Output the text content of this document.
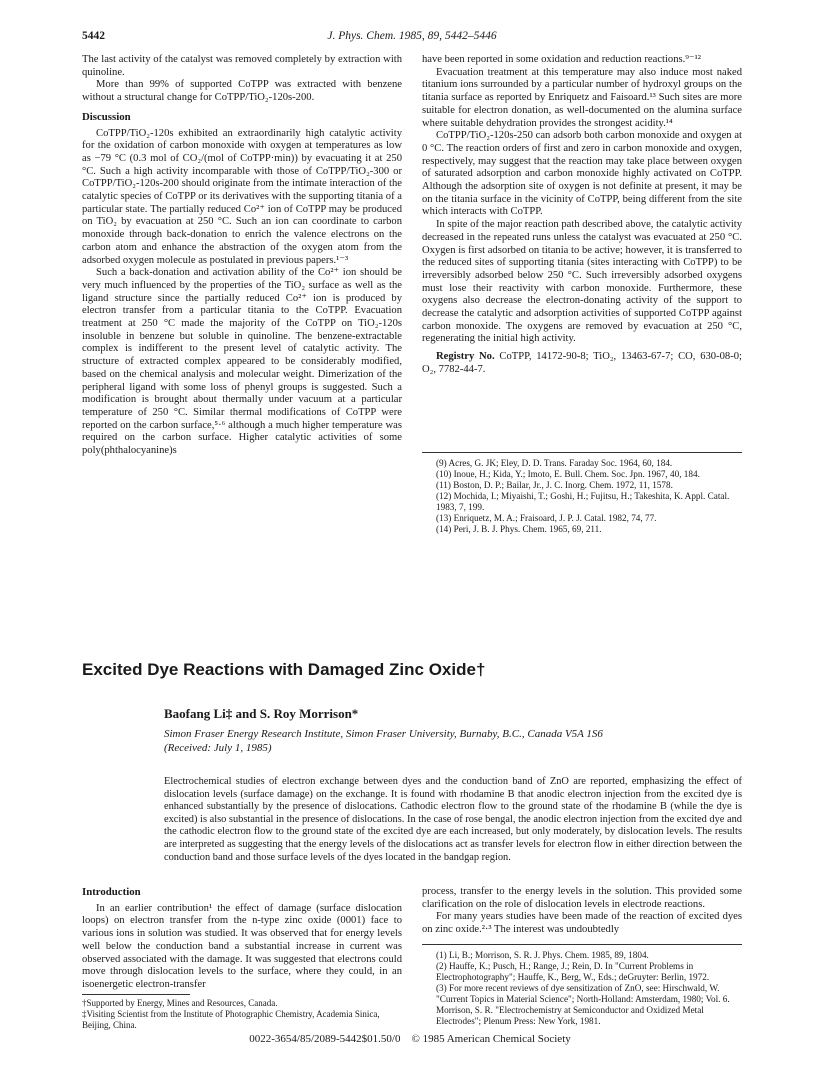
5442	J. Phys. Chem. 1985, 89, 5442–5446

The last activity of the catalyst was removed completely by extraction with quinoline.

More than 99% of supported CoTPP was extracted with benzene without a structural change for CoTPP/TiO₂-120s-200.

Discussion

CoTPP/TiO₂-120s exhibited an extraordinarily high catalytic activity for the oxidation of carbon monoxide with oxygen at temperatures as low as −79 °C (0.3 mol of CO₂/(mol of CoTPP·min)) by evacuating it at 250 °C. Such a high activity incomparable with those of CoTPP/TiO₂-300 or CoTPP/TiO₂-120s-200 should originate from the intimate interaction of the catalytic species of CoTPP or its derivatives with the supporting titania of a particular state. The partially reduced Co²⁺ ion of CoTPP may be produced on TiO₂ by evacuation at 250 °C. Such an ion can coordinate to carbon monoxide through back-donation to enrich the valence electrons on the carbon atom and enhance the abstraction of the oxygen atom from the adsorbed oxygen molecule as postulated in previous papers.¹⁻³

Such a back-donation and activation ability of the Co²⁺ ion should be very much influenced by the properties of the TiO₂ surface as well as the ligand structure since the partially reduced Co²⁺ ion is produced by electron transfer from a particular titania to the CoTPP. Evacuation treatment at 250 °C made the majority of the CoTPP on TiO₂-120s insoluble in benzene but soluble in quinoline. The benzene-extractable complex is indifferent to the present level of catalytic activity. The structure of extracted complex appeared to be considerably modified, based on the chemical analysis and molecular weight. Dimerization of the peripheral ligand with some loss of phenyl groups is suggested. Such a modification is brought about thermally under vacuum at a particular temperature of 250 °C. Similar thermal modifications of CoTPP were reported on the carbon surface,⁵·⁶ although a much higher temperature was required on the carbon surface. Higher catalytic activities of some poly(phthalocyanine)s

have been reported in some oxidation and reduction reactions.⁹⁻¹²

Evacuation treatment at this temperature may also induce most naked titanium ions surrounded by a particular number of hydroxyl groups on the titania surface as reported by Enriquetz and Faisoard.¹³ Such sites are more suitable for electron donation, as well-documented on the alumina surface where suitable dehydration provides the strongest acidity.¹⁴

CoTPP/TiO₂-120s-250 can adsorb both carbon monoxide and oxygen at 0 °C. The reaction orders of first and zero in carbon monoxide and oxygen, respectively, may suggest that the reaction may take place between oxygen of saturated adsorption and carbon monoxide highly activated on CoTPP. Although the adsorption site of oxygen is not definite at present, it may be on the titania surface in the vicinity of CoTPP, being different from the site which interacts with CoTPP.

In spite of the major reaction path described above, the catalytic activity decreased in the repeated runs unless the catalyst was evacuated at 250 °C. Oxygen is first adsorbed on titania to be active; however, it is transferred to the reduced sites of supporting titania (sites interacting with CoTPP) to be irreversibly adsorbed below 250 °C. Such irreversibly adsorbed oxygens must lose their reactivity with carbon monoxide. Furthermore, these oxygens also decrease the electron-donating activity of the support to decrease the catalytic and adsorption activities of supported CoTPP against carbon monoxide. The oxygens are removed by evacuation at 250 °C, regenerating the initial high activity.

Registry No. CoTPP, 14172-90-8; TiO₂, 13463-67-7; CO, 630-08-0; O₂, 7782-44-7.

(9) Acres, G. JK; Eley, D. D. Trans. Faraday Soc. 1964, 60, 184.
(10) Inoue, H.; Kida, Y.; Imoto, E. Bull. Chem. Soc. Jpn. 1967, 40, 184.
(11) Boston, D. P.; Bailar, Jr., J. C. Inorg. Chem. 1972, 11, 1578.
(12) Mochida, I.; Miyaishi, T.; Goshi, H.; Fujitsu, H.; Takeshita, K. Appl. Catal. 1983, 7, 199.
(13) Enriquetz, M. A.; Fraisoard, J. P. J. Catal. 1982, 74, 77.
(14) Peri, J. B. J. Phys. Chem. 1965, 69, 211.
Excited Dye Reactions with Damaged Zinc Oxide†
Baofang Li‡ and S. Roy Morrison*
Simon Fraser Energy Research Institute, Simon Fraser University, Burnaby, B.C., Canada V5A 1S6
(Received: July 1, 1985)
Electrochemical studies of electron exchange between dyes and the conduction band of ZnO are reported, emphasizing the effect of dislocation levels (surface damage) on the exchange. It is found with rhodamine B that anodic electron injection from the excited dye is enhanced substantially by the presence of dislocations. Cathodic electron flow to the ground state of the rhodamine B (while the dye is excited) is also substantial in the presence of dislocations. In the case of rose bengal, the anodic electron injection from the excited dye and the cathodic electron flow to the ground state of the excited dye are each increased, but only moderately, by dislocation levels. The results are interpreted as suggesting that the energy levels of the dislocations act as transfer levels for electron flow in either direction between the conduction band and those surface levels of the dyes located in the bandgap region.
Introduction

In an earlier contribution¹ the effect of damage (surface dislocation loops) on electron transfer from the n-type zinc oxide (0001) face to various ions in solution was studied. It was observed that for energy levels well below the conduction band a substantial increase in current was observed associated with the damage. It was suggested that electrons could move through dislocation levels to the surface, where they could, in an isoenergetic electron-transfer

†Supported by Energy, Mines and Resources, Canada.
‡Visiting Scientist from the Institute of Photographic Chemistry, Academia Sinica, Beijing, China.

process, transfer to the energy levels in the solution. This provided some clarification on the role of dislocation levels in electrode reactions.

For many years studies have been made of the reaction of excited dyes on zinc oxide.²·³ The interest was undoubtedly

(1) Li, B.; Morrison, S. R. J. Phys. Chem. 1985, 89, 1804.
(2) Hauffe, K.; Pusch, H.; Range, J.; Rein, D. In "Current Problems in Electrophotography"; Hauffe, K., Berg, W., Eds.; deGruyter: Berlin, 1972.
(3) For more recent reviews of dye sensitization of ZnO, see: Hirschwald, W. "Current Topics in Material Science"; North-Holland: Amsterdam, 1980; Vol. 6. Morrison, S. R. "Electrochemistry at Semiconductor and Oxidized Metal Electrodes"; Plenum Press: New York, 1981.
0022-3654/85/2089-5442$01.50/0 © 1985 American Chemical Society
